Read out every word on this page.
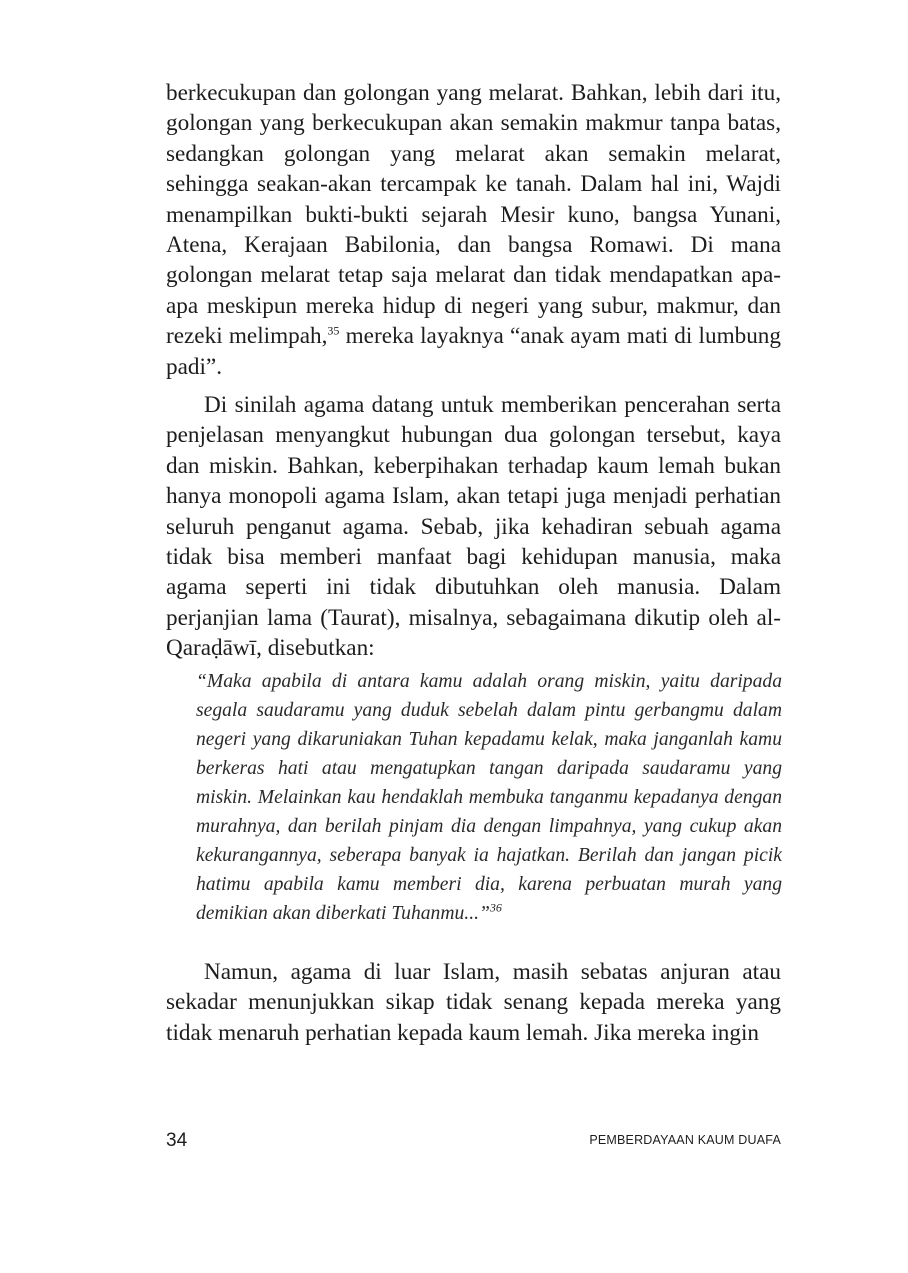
berkecukupan dan golongan yang melarat. Bahkan, lebih dari itu, golongan yang berkecukupan akan semakin makmur tanpa batas, sedangkan golongan yang melarat akan semakin melarat, sehingga seakan-akan tercampak ke tanah. Dalam hal ini, Wajdi menampilkan bukti-bukti sejarah Mesir kuno, bangsa Yunani, Atena, Kerajaan Babilonia, dan bangsa Romawi. Di mana golongan melarat tetap saja melarat dan tidak mendapatkan apa-apa meskipun mereka hidup di negeri yang subur, makmur, dan rezeki melimpah,$^{35}$ mereka layaknya “anak ayam mati di lumbung padi”.

Di sinilah agama datang untuk memberikan pencerahan serta penjelasan menyangkut hubungan dua golongan tersebut, kaya dan miskin. Bahkan, keberpihakan terhadap kaum lemah bukan hanya monopoli agama Islam, akan tetapi juga menjadi perhatian seluruh penganut agama. Sebab, jika kehadiran sebuah agama tidak bisa memberi manfaat bagi kehidupan manusia, maka agama seperti ini tidak dibutuhkan oleh manusia. Dalam perjanjian lama (Taurat), misalnya, sebagaimana dikutip oleh al-Qaraḍāwī, disebutkan:

“Maka apabila di antara kamu adalah orang miskin, yaitu daripada segala saudaramu yang duduk sebelah dalam pintu gerbangmu dalam negeri yang dikaruniakan Tuhan kepadamu kelak, maka janganlah kamu berkeras hati atau mengatupkan tangan daripada saudaramu yang miskin. Melainkan kau hendaklah membuka tanganmu kepadanya dengan murahnya, dan berilah pinjam dia dengan limpahnya, yang cukup akan kekurangannya, seberapa banyak ia hajatkan. Berilah dan jangan picik hatimu apabila kamu memberi dia, karena perbuatan murah yang demikian akan diberkati Tuhanmu...”$^{36}$

Namun, agama di luar Islam, masih sebatas anjuran atau sekadar menunjukkan sikap tidak senang kepada mereka yang tidak menaruh perhatian kepada kaum lemah. Jika mereka ingin

34	PEMBERDAYAAN KAUM DUAFA
